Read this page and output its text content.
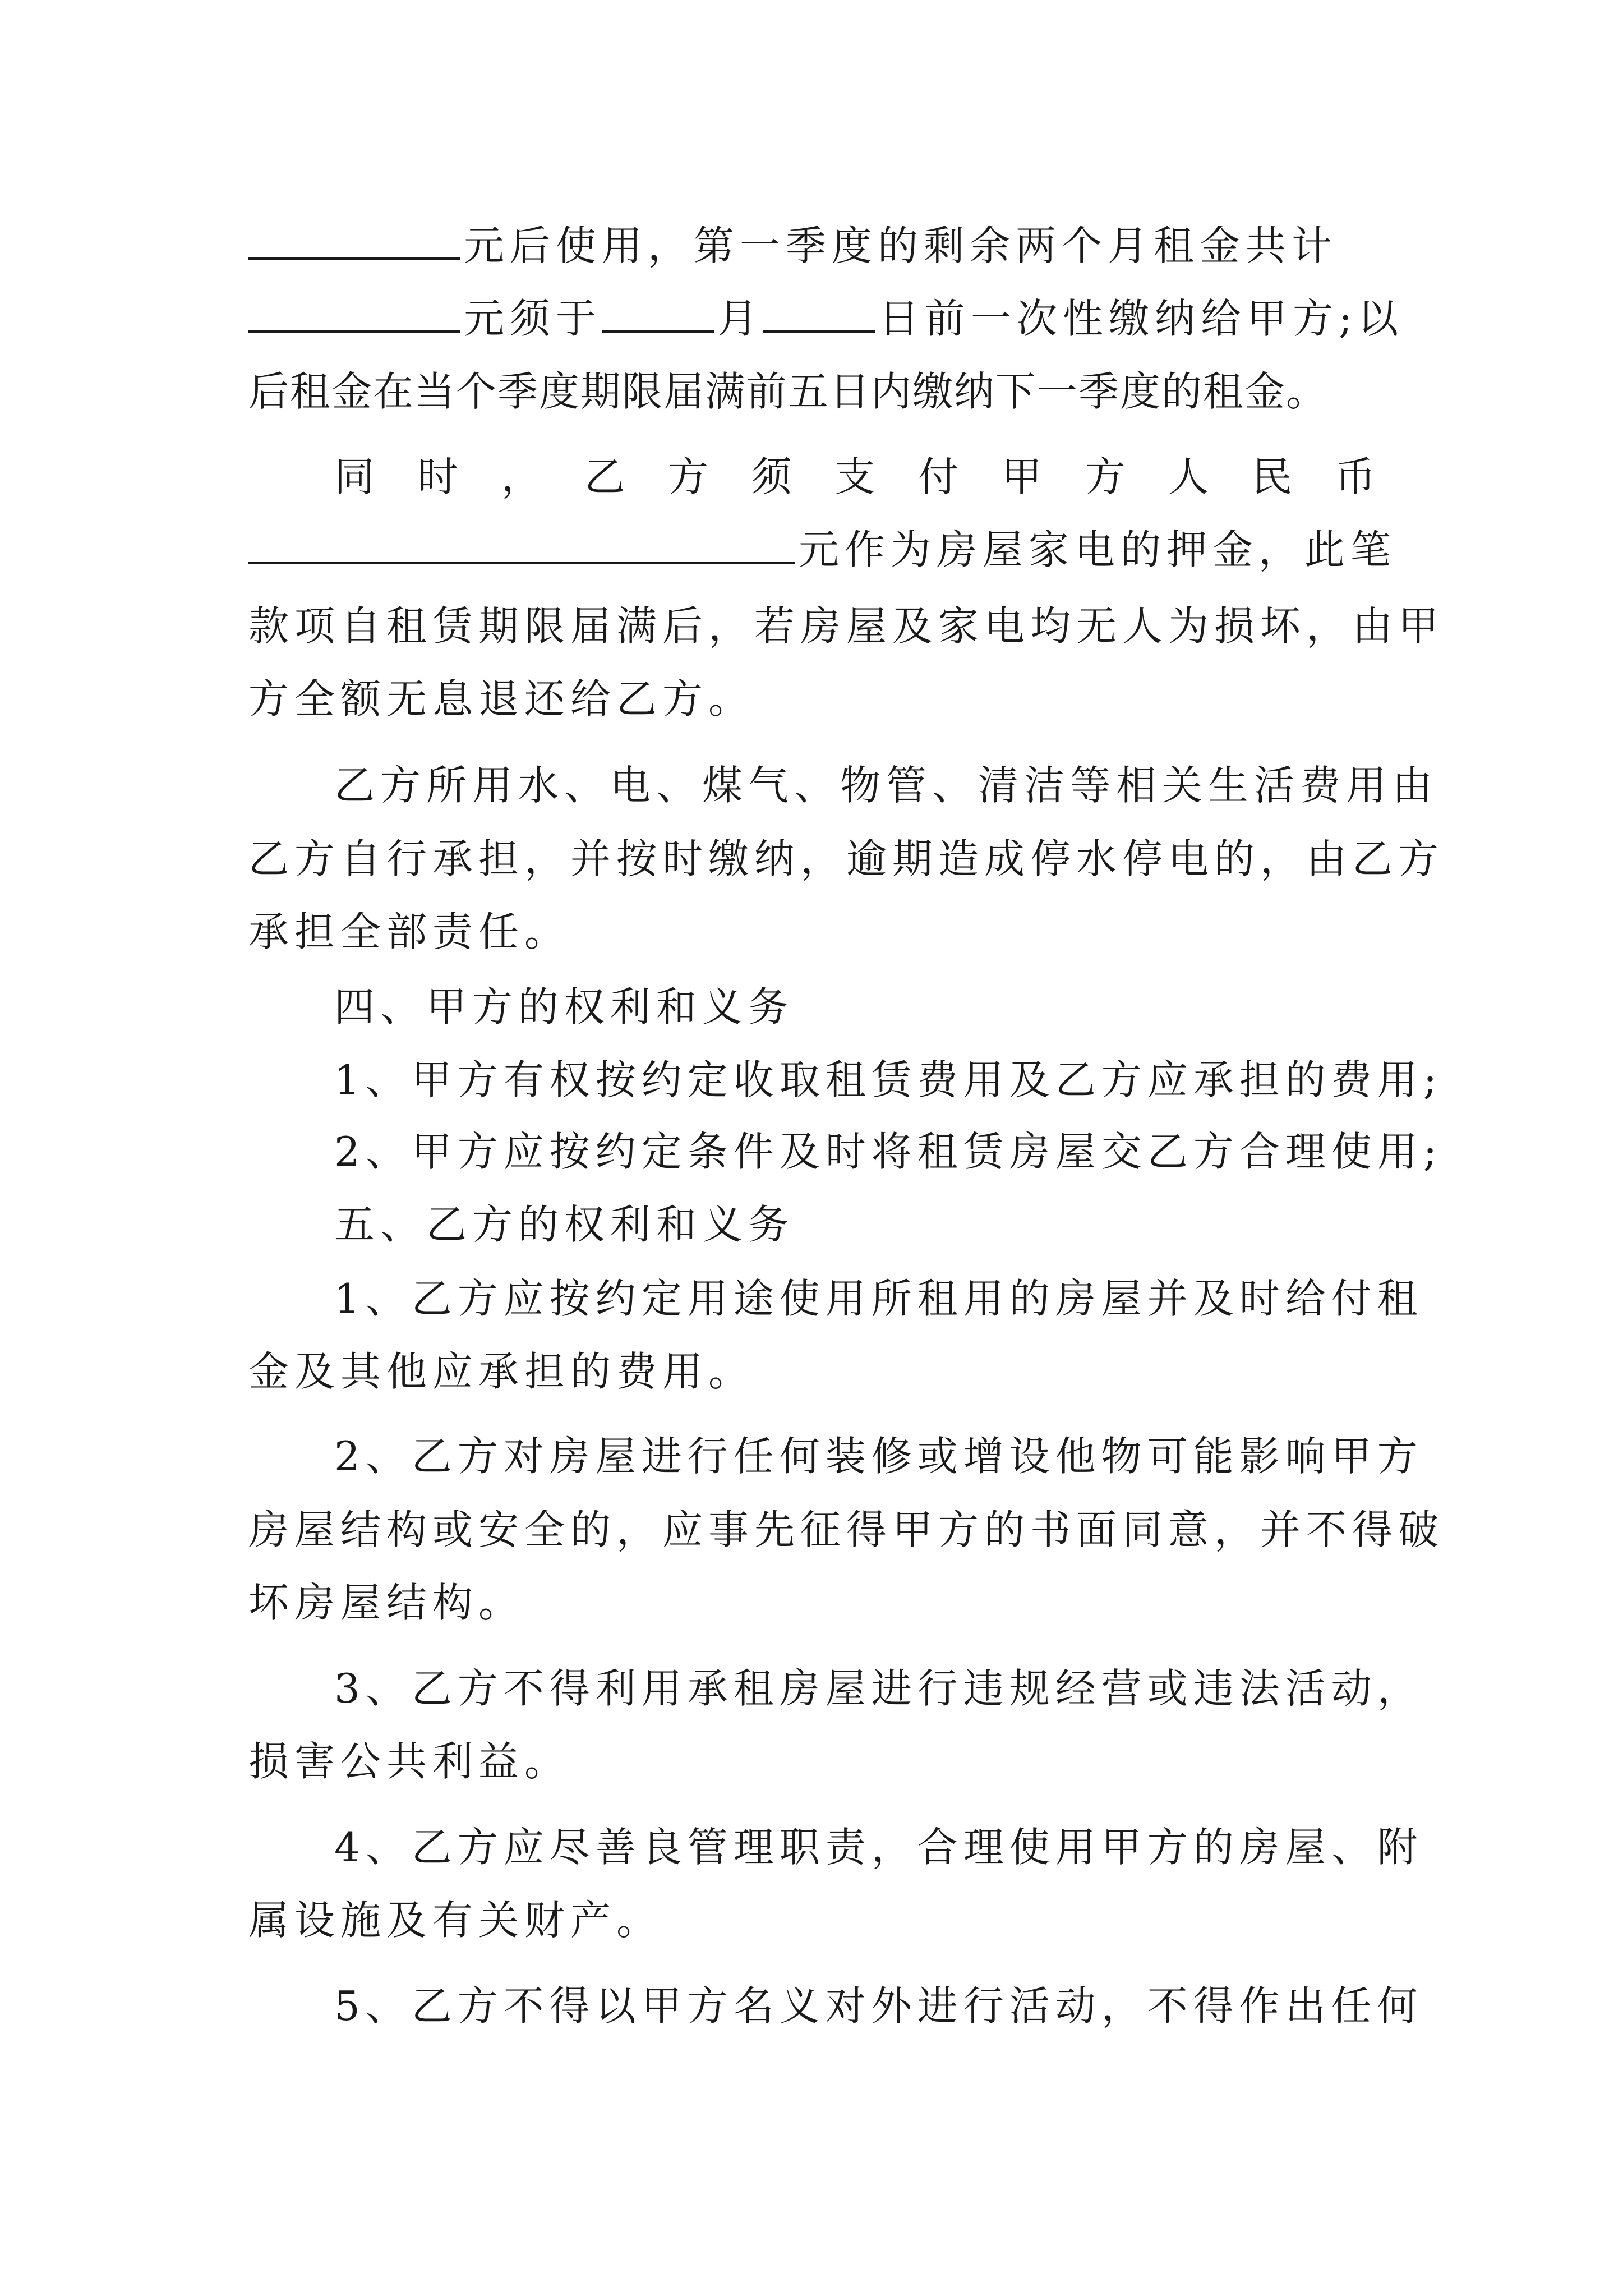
元后使用，第一季度的剩余两个月租金共计
元须于	月	日前一次性缴纳给甲方;以
后租金在当个季度期限届满前五日内缴纳下一季度的租金。
同 时 ， 乙 方 须 支 付 甲 方 人 民 币
元作为房屋家电的押金，此笔
款项自租赁期限届满后，若房屋及家电均无人为损坏，由甲
方全额无息退还给乙方。
乙方所用水、电、煤气、物管、清洁等相关生活费用由
乙方自行承担，并按时缴纳，逾期造成停水停电的，由乙方
承担全部责任。
四、甲方的权利和义务
1、甲方有权按约定收取租赁费用及乙方应承担的费用;
2、甲方应按约定条件及时将租赁房屋交乙方合理使用;
五、乙方的权利和义务
1、乙方应按约定用途使用所租用的房屋并及时给付租
金及其他应承担的费用。
2、乙方对房屋进行任何装修或增设他物可能影响甲方
房屋结构或安全的，应事先征得甲方的书面同意，并不得破
坏房屋结构。
3、乙方不得利用承租房屋进行违规经营或违法活动，
损害公共利益。
4、乙方应尽善良管理职责，合理使用甲方的房屋、附
属设施及有关财产。
5、乙方不得以甲方名义对外进行活动，不得作出任何
